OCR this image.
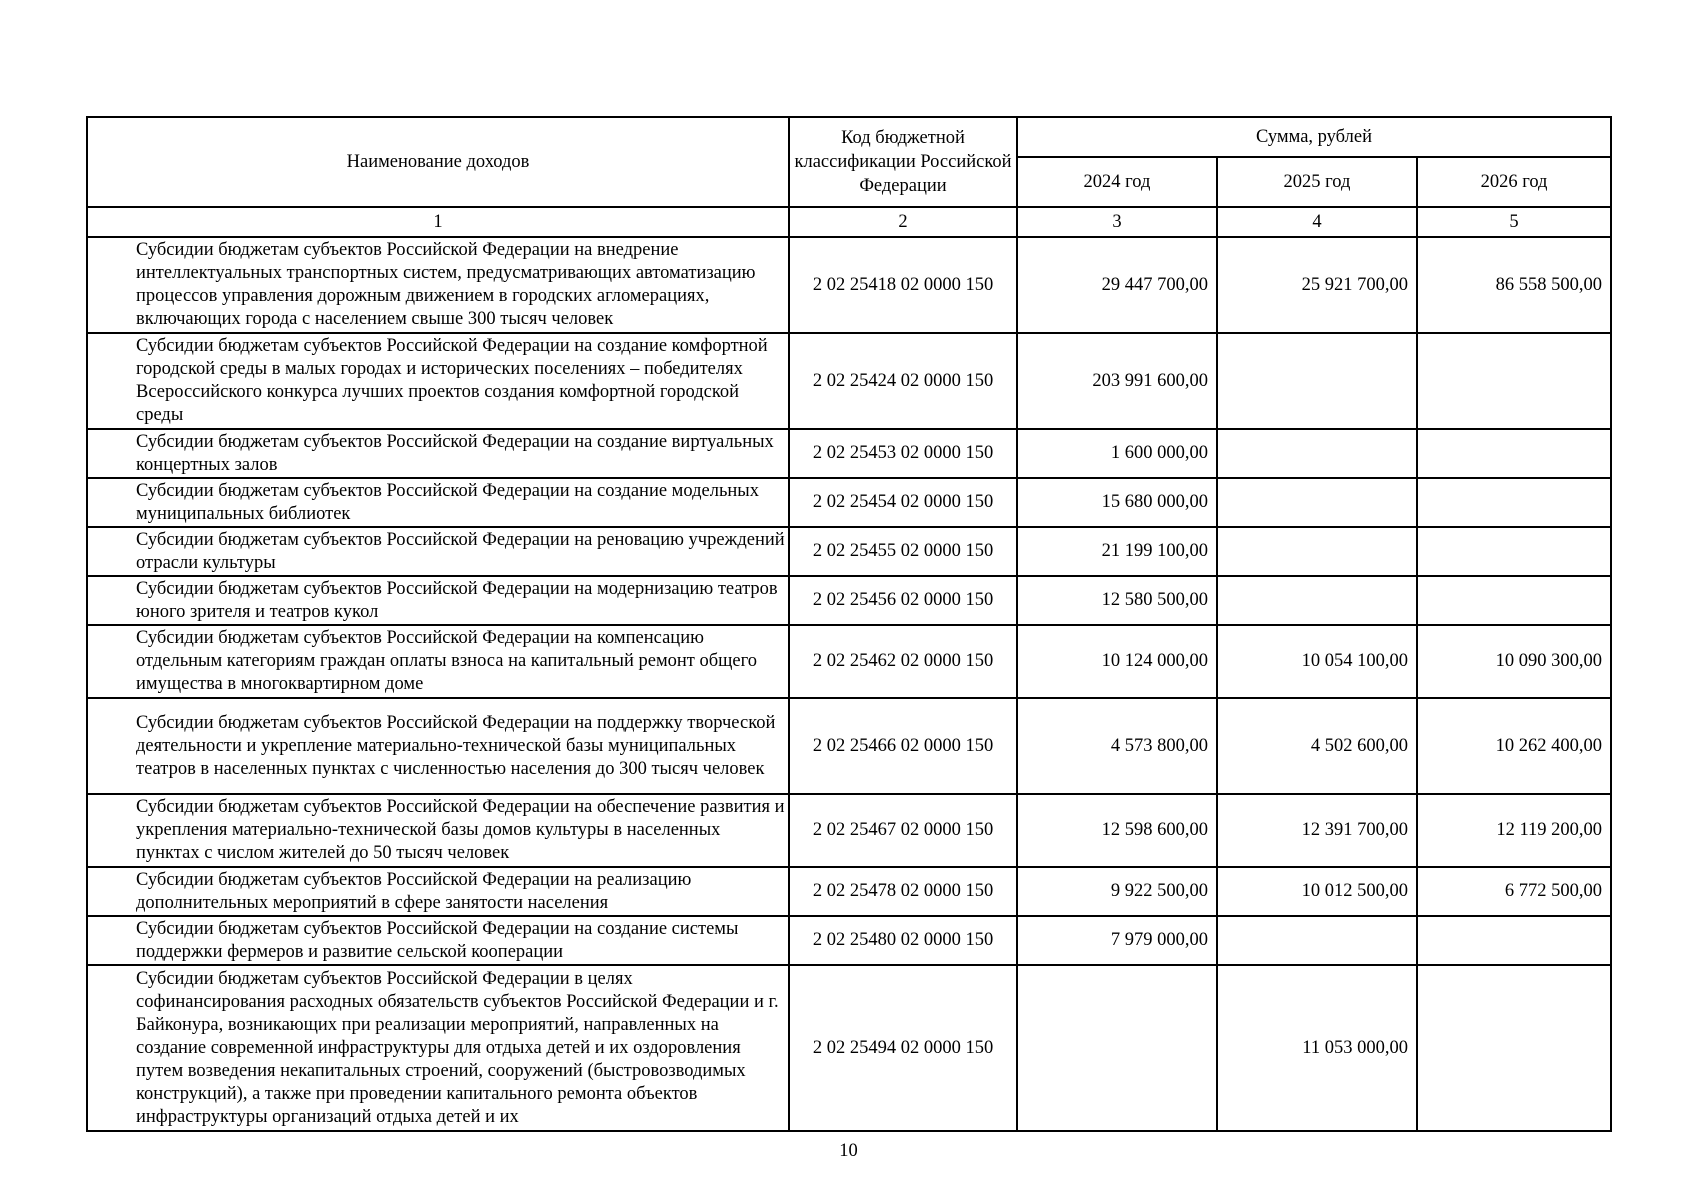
Наименование доходов	Код бюджетной классификации Российской Федерации	Сумма, рублей		
		2024 год	2025 год	2026 год
1	2	3	4	5
Субсидии бюджетам субъектов Российской Федерации на внедрение интеллектуальных транспортных систем, предусматривающих автоматизацию процессов управления дорожным движением в городских агломерациях, включающих города с населением свыше 300 тысяч человек	2 02 25418 02 0000 150	29 447 700,00	25 921 700,00	86 558 500,00
Субсидии бюджетам субъектов Российской Федерации на создание комфортной городской среды в малых городах и исторических поселениях – победителях Всероссийского конкурса лучших проектов создания комфортной городской среды	2 02 25424 02 0000 150	203 991 600,00		
Субсидии бюджетам субъектов Российской Федерации на создание виртуальных концертных залов	2 02 25453 02 0000 150	1 600 000,00		
Субсидии бюджетам субъектов Российской Федерации на создание модельных муниципальных библиотек	2 02 25454 02 0000 150	15 680 000,00		
Субсидии бюджетам субъектов Российской Федерации на реновацию учреждений отрасли культуры	2 02 25455 02 0000 150	21 199 100,00		
Субсидии бюджетам субъектов Российской Федерации на модернизацию театров юного зрителя и театров кукол	2 02 25456 02 0000 150	12 580 500,00		
Субсидии бюджетам субъектов Российской Федерации на компенсацию отдельным категориям граждан оплаты взноса на капитальный ремонт общего имущества в многоквартирном доме	2 02 25462 02 0000 150	10 124 000,00	10 054 100,00	10 090 300,00
Субсидии бюджетам субъектов Российской Федерации на поддержку творческой деятельности и укрепление материально-технической базы муниципальных театров в населенных пунктах с численностью населения до 300 тысяч человек	2 02 25466 02 0000 150	4 573 800,00	4 502 600,00	10 262 400,00
Субсидии бюджетам субъектов Российской Федерации на обеспечение развития и укрепления материально-технической базы домов культуры в населенных пунктах с числом жителей до 50 тысяч человек	2 02 25467 02 0000 150	12 598 600,00	12 391 700,00	12 119 200,00
Субсидии бюджетам субъектов Российской Федерации на реализацию дополнительных мероприятий в сфере занятости населения	2 02 25478 02 0000 150	9 922 500,00	10 012 500,00	6 772 500,00
Субсидии бюджетам субъектов Российской Федерации на создание системы поддержки фермеров и развитие сельской кооперации	2 02 25480 02 0000 150	7 979 000,00		
Субсидии бюджетам субъектов Российской Федерации в целях софинансирования расходных обязательств субъектов Российской Федерации и г. Байконура, возникающих при реализации мероприятий, направленных на создание современной инфраструктуры для отдыха детей и их оздоровления путем возведения некапитальных строений, сооружений (быстровозводимых конструкций), а также при проведении капитального ремонта объектов инфраструктуры организаций отдыха детей и их	2 02 25494 02 0000 150		11 053 000,00	
10
